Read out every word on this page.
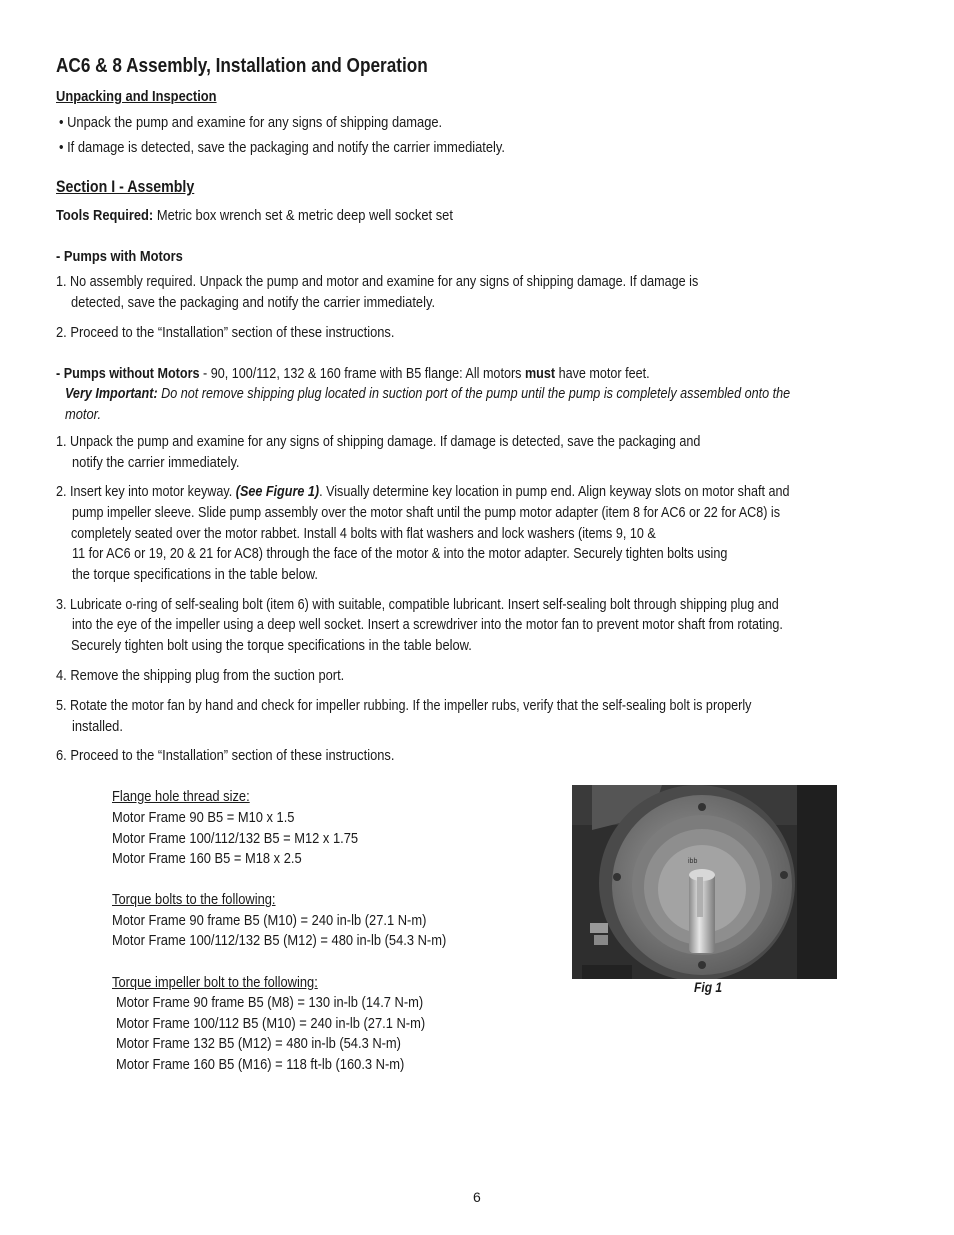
AC6 & 8 Assembly, Installation and Operation
Unpacking and Inspection
• Unpack the pump and examine for any signs of shipping damage.
• If damage is detected, save the packaging and notify the carrier immediately.
Section I - Assembly
Tools Required: Metric box wrench set & metric deep well socket set
- Pumps with Motors
1. No assembly required. Unpack the pump and motor and examine for any signs of shipping damage. If damage is
detected, save the packaging and notify the carrier immediately.
2. Proceed to the “Installation” section of these instructions.
- Pumps without Motors - 90, 100/112, 132 & 160 frame with B5 flange: All motors must have motor feet.
Very Important: Do not remove shipping plug located in suction port of the pump until the pump is completely assembled onto the
motor.
1. Unpack the pump and examine for any signs of shipping damage. If damage is detected, save the packaging and
notify the carrier immediately.
2. Insert key into motor keyway. (See Figure 1). Visually determine key location in pump end. Align keyway slots on motor shaft and
pump impeller sleeve. Slide pump assembly over the motor shaft until the pump motor adapter (item 8 for AC6 or 22 for AC8) is
completely seated over the motor rabbet. Install 4 bolts with flat washers and lock washers (items 9, 10 &
11 for AC6 or 19, 20 & 21 for AC8) through the face of the motor & into the motor adapter. Securely tighten bolts using
the torque specifications in the table below.
3. Lubricate o-ring of self-sealing bolt (item 6) with suitable, compatible lubricant. Insert self-sealing bolt through shipping plug and
into the eye of the impeller using a deep well socket. Insert a screwdriver into the motor fan to prevent motor shaft from rotating.
Securely tighten bolt using the torque specifications in the table below.
4. Remove the shipping plug from the suction port.
5. Rotate the motor fan by hand and check for impeller rubbing. If the impeller rubs, verify that the self-sealing bolt is properly
installed.
6. Proceed to the “Installation” section of these instructions.
Flange hole thread size:
Motor Frame 90 B5 = M10 x 1.5
Motor Frame 100/112/132 B5 = M12 x 1.75
Motor Frame 160 B5 = M18 x 2.5
Torque bolts to the following:
Motor Frame 90 frame B5 (M10) = 240 in-lb (27.1 N-m)
Motor Frame 100/112/132 B5 (M12) = 480 in-lb (54.3 N-m)
Torque impeller bolt to the following:
Motor Frame 90 frame B5 (M8) = 130 in-lb (14.7 N-m)
Motor Frame 100/112 B5 (M10) = 240 in-lb (27.1 N-m)
Motor Frame 132 B5 (M12) = 480 in-lb (54.3 N-m)
Motor Frame 160 B5 (M16) = 118 ft-lb (160.3 N-m)
ibb
Fig 1
6
